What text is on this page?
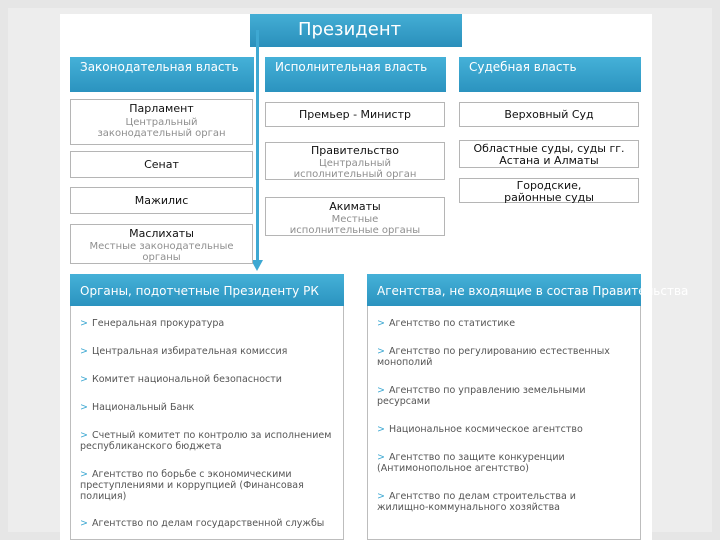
Президент
Законодательная власть	Исполнительная власть	Судебная власть
Парламент
Центральный законодательный орган
Сенат
Мажилис
Маслихаты
Местные законодательные органы
Премьер - Министр
Правительство
Центральный исполнительный орган
Акиматы
Местные исполнительные органы
Верховный Суд
Областные суды, суды гг. Астана и Алматы
Городские, районные суды
Органы, подотчетные Президенту РК	Агентства, не входящие в состав Правительства
> Генеральная прокуратура
> Центральная избирательная комиссия
> Комитет национальной безопасности
> Национальный Банк
> Счетный комитет по контролю за исполнением республиканского бюджета
> Агентство по борьбе с экономическими преступлениями и коррупцией (Финансовая полиция)
> Агентство по делам государственной службы
> Агентство по статистике
> Агентство по регулированию естественных монополий
> Агентство по управлению земельными ресурсами
> Национальное космическое агентство
> Агентство по защите конкуренции (Антимонопольное агентство)
> Агентство по делам строительства и жилищно-коммунального хозяйства
